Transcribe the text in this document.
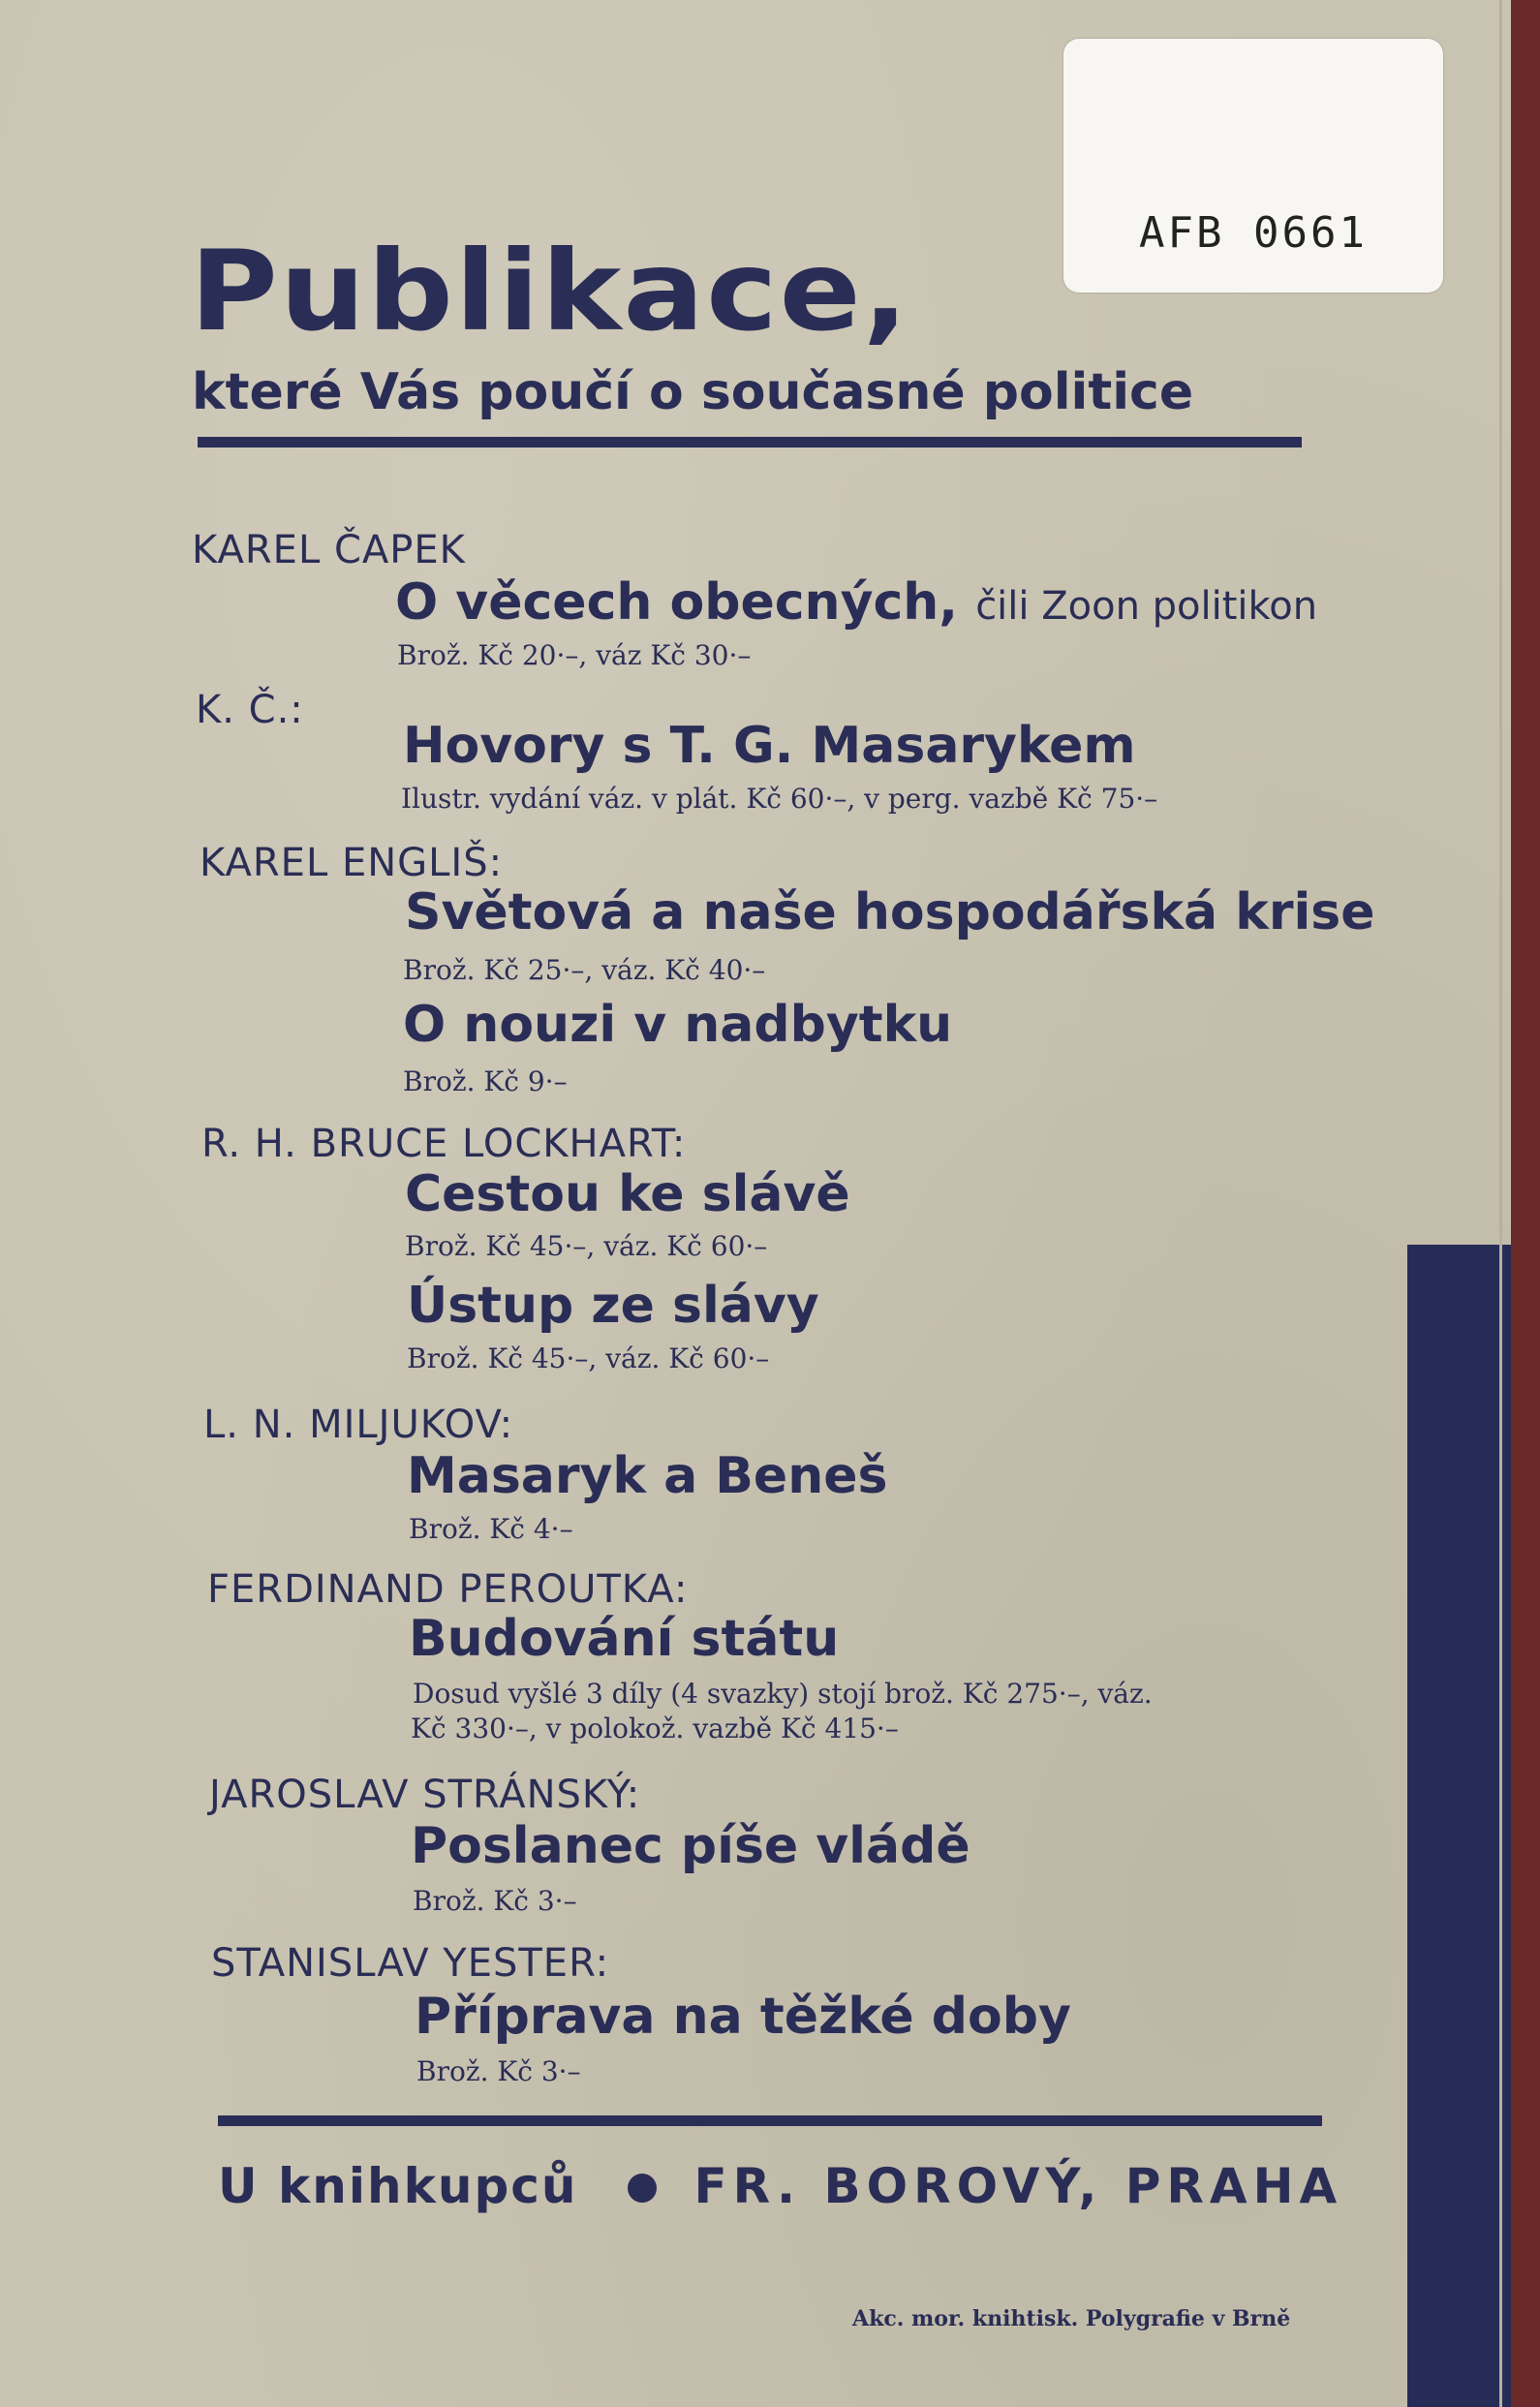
AFB 0661
Publikace,
které Vás poučí o současné politice
KAREL ČAPEK
O věcech obecných, čili Zoon politikon
Brož. Kč 20·–, váz Kč 30·–
K. Č.:
Hovory s T. G. Masarykem
Ilustr. vydání váz. v plát. Kč 60·–, v perg. vazbě Kč 75·–
KAREL ENGLIŠ:
Světová a naše hospodářská krise
Brož. Kč 25·–, váz. Kč 40·–
O nouzi v nadbytku
Brož. Kč 9·–
R. H. BRUCE LOCKHART:
Cestou ke slávě
Brož. Kč 45·–, váz. Kč 60·–
Ústup ze slávy
Brož. Kč 45·–, váz. Kč 60·–
L. N. MILJUKOV:
Masaryk a Beneš
Brož. Kč 4·–
FERDINAND PEROUTKA:
Budování státu
Dosud vyšlé 3 díly (4 svazky) stojí brož. Kč 275·–, váz.
Kč 330·–, v polokož. vazbě Kč 415·–
JAROSLAV STRÁNSKÝ:
Poslanec píše vládě
Brož. Kč 3·–
STANISLAV YESTER:
Příprava na těžké doby
Brož. Kč 3·–
U knihkupců FR. BOROVÝ, PRAHA
Akc. mor. knihtisk. Polygrafie v Brně
